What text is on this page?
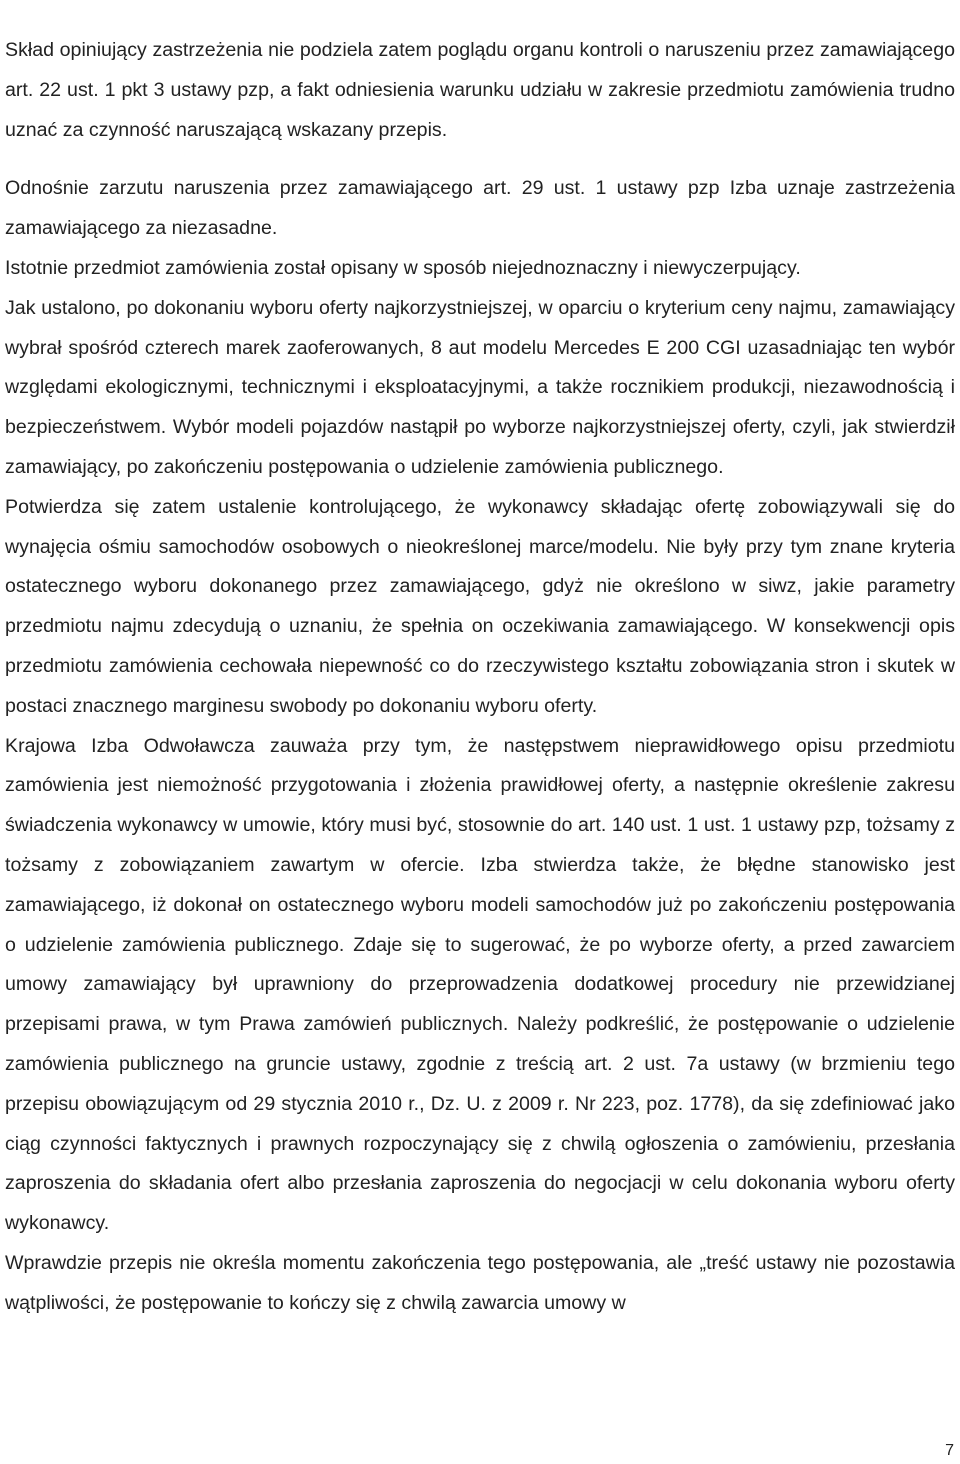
Skład opiniujący zastrzeżenia nie podziela zatem poglądu organu kontroli o naruszeniu przez zamawiającego art. 22 ust. 1 pkt 3 ustawy pzp, a fakt odniesienia warunku udziału w zakresie przedmiotu zamówienia trudno uznać za czynność naruszającą wskazany przepis.

Odnośnie zarzutu naruszenia przez zamawiającego art. 29 ust. 1 ustawy pzp Izba uznaje zastrzeżenia zamawiającego za niezasadne.

Istotnie przedmiot zamówienia został opisany w sposób niejednoznaczny i niewyczerpujący.

Jak ustalono, po dokonaniu wyboru oferty najkorzystniejszej, w oparciu o kryterium ceny najmu, zamawiający wybrał spośród czterech marek zaoferowanych, 8 aut modelu Mercedes E 200 CGI uzasadniając ten wybór względami ekologicznymi, technicznymi i eksploatacyjnymi, a także rocznikiem produkcji, niezawodnością i bezpieczeństwem. Wybór modeli pojazdów nastąpił po wyborze najkorzystniejszej oferty, czyli, jak stwierdził zamawiający, po zakończeniu postępowania o udzielenie zamówienia publicznego.

Potwierdza się zatem ustalenie kontrolującego, że wykonawcy składając ofertę zobowiązywali się do wynajęcia ośmiu samochodów osobowych o nieokreślonej marce/modelu. Nie były przy tym znane kryteria ostatecznego wyboru dokonanego przez zamawiającego, gdyż nie określono w siwz, jakie parametry przedmiotu najmu zdecydują o uznaniu, że spełnia on oczekiwania zamawiającego. W konsekwencji opis przedmiotu zamówienia cechowała niepewność co do rzeczywistego kształtu zobowiązania stron i skutek w postaci znacznego marginesu swobody po dokonaniu wyboru oferty.

Krajowa Izba Odwoławcza zauważa przy tym, że następstwem nieprawidłowego opisu przedmiotu zamówienia jest niemożność przygotowania i złożenia prawidłowej oferty, a następnie określenie zakresu świadczenia wykonawcy w umowie, który musi być, stosownie do art. 140 ust. 1 ust. 1 ustawy pzp, tożsamy z tożsamy z zobowiązaniem zawartym w ofercie. Izba stwierdza także, że błędne stanowisko jest zamawiającego, iż dokonał on ostatecznego wyboru modeli samochodów już po zakończeniu postępowania o udzielenie zamówienia publicznego. Zdaje się to sugerować, że po wyborze oferty, a przed zawarciem umowy zamawiający był uprawniony do przeprowadzenia dodatkowej procedury nie przewidzianej przepisami prawa, w tym Prawa zamówień publicznych. Należy podkreślić, że postępowanie o udzielenie zamówienia publicznego na gruncie ustawy, zgodnie z treścią art. 2 ust. 7a ustawy (w brzmieniu tego przepisu obowiązującym od 29 stycznia 2010 r., Dz. U. z 2009 r. Nr 223, poz. 1778), da się zdefiniować jako ciąg czynności faktycznych i prawnych rozpoczynający się z chwilą ogłoszenia o zamówieniu, przesłania zaproszenia do składania ofert albo przesłania zaproszenia do negocjacji w celu dokonania wyboru oferty wykonawcy.

Wprawdzie przepis nie określa momentu zakończenia tego postępowania, ale „treść ustawy nie pozostawia wątpliwości, że postępowanie to kończy się z chwilą zawarcia umowy w

7
